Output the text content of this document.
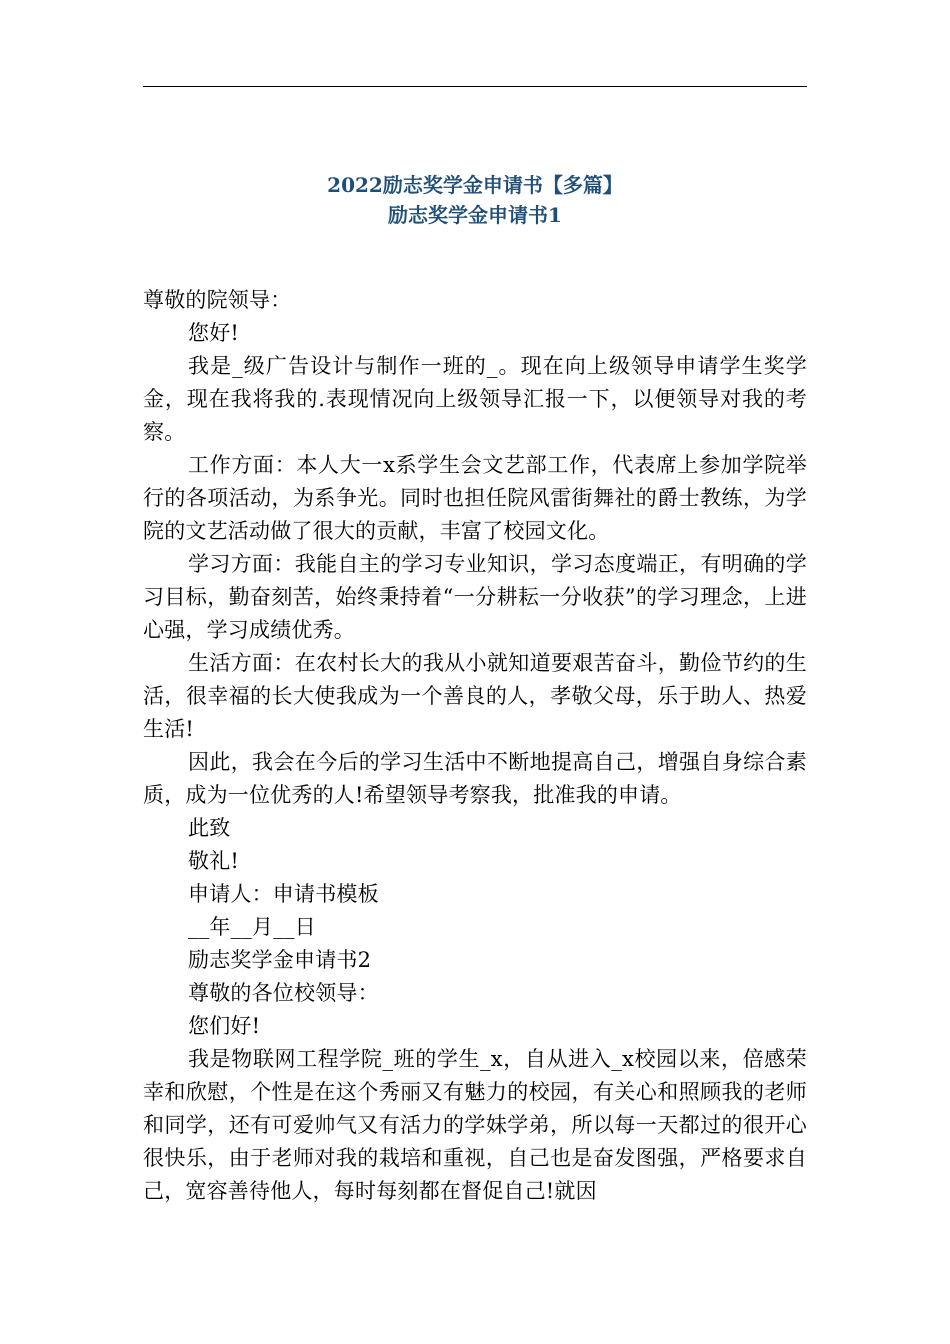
2022励志奖学金申请书【多篇】
励志奖学金申请书1

尊敬的院领导：

您好!

我是_级广告设计与制作一班的_。现在向上级领导申请学生奖学金，现在我将我的.表现情况向上级领导汇报一下，以便领导对我的考察。

工作方面：本人大一x系学生会文艺部工作，代表席上参加学院举行的各项活动，为系争光。同时也担任院风雷街舞社的爵士教练，为学院的文艺活动做了很大的贡献，丰富了校园文化。

学习方面：我能自主的学习专业知识，学习态度端正，有明确的学习目标，勤奋刻苦，始终秉持着“一分耕耘一分收获”的学习理念，上进心强，学习成绩优秀。

生活方面：在农村长大的我从小就知道要艰苦奋斗，勤俭节约的生活，很幸福的长大使我成为一个善良的人，孝敬父母，乐于助人、热爱生活!

因此，我会在今后的学习生活中不断地提高自己，增强自身综合素质，成为一位优秀的人!希望领导考察我，批准我的申请。

此致

敬礼!

申请人：申请书模板

__年__月__日

励志奖学金申请书2

尊敬的各位校领导：

您们好!

我是物联网工程学院_班的学生_x，自从进入_x校园以来，倍感荣幸和欣慰，个性是在这个秀丽又有魅力的校园，有关心和照顾我的老师和同学，还有可爱帅气又有活力的学妹学弟，所以每一天都过的很开心很快乐，由于老师对我的栽培和重视，自己也是奋发图强，严格要求自己，宽容善待他人，每时每刻都在督促自己!就因
